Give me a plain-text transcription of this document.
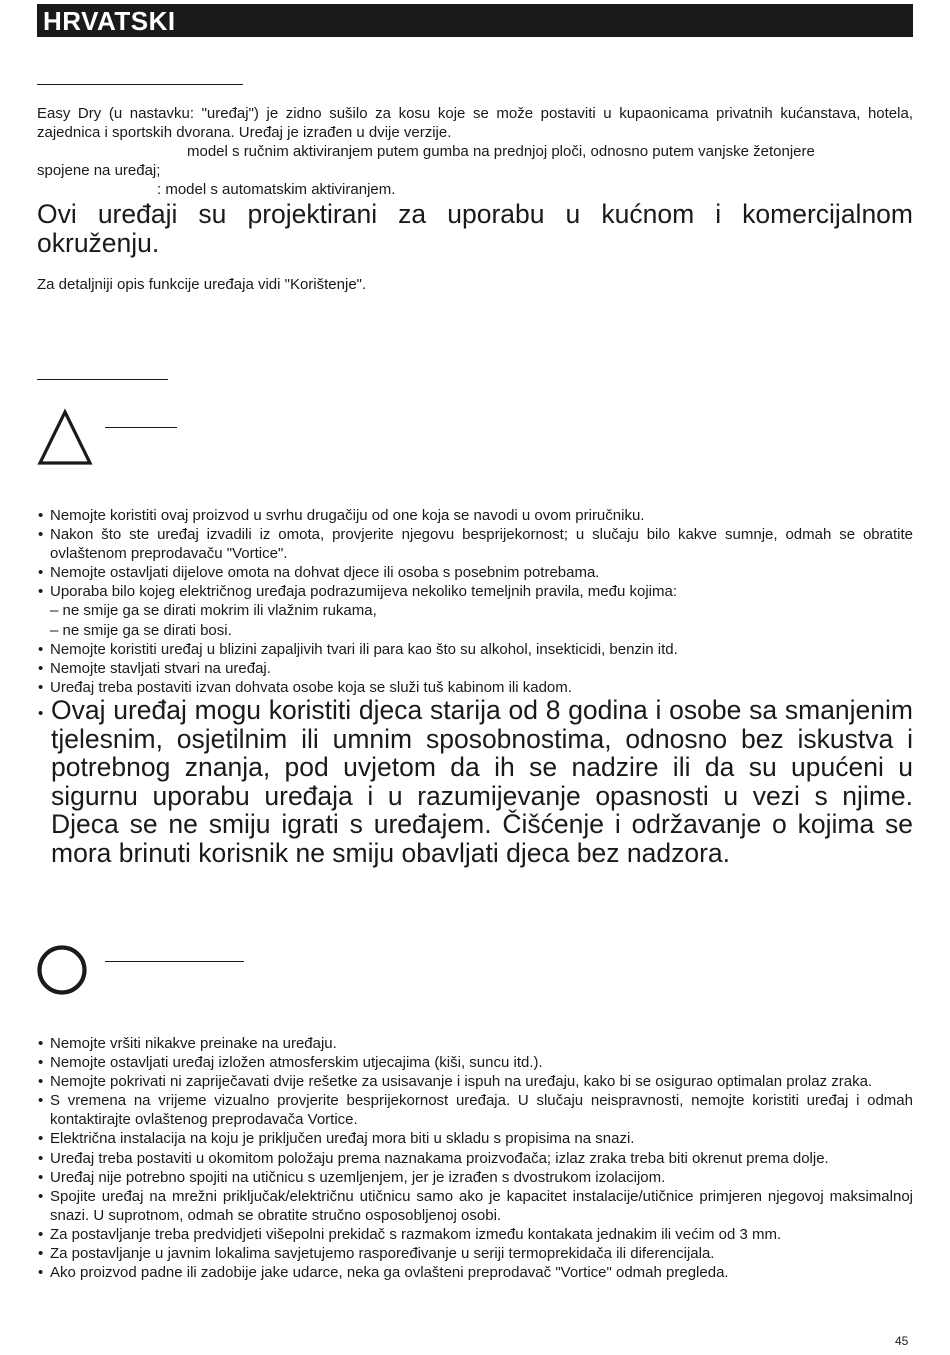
HRVATSKI
Easy Dry (u nastavku: "uređaj") je zidno sušilo za kosu koje se može postaviti u kupaonicama privatnih kućanstava, hotela, zajednica i sportskih dvorana. Uređaj je izrađen u dvije verzije.
model s ručnim aktiviranjem putem gumba na prednjoj ploči, odnosno putem vanjske žetonjere
spojene na uređaj;
: model s automatskim aktiviranjem.
Ovi uređaji su projektirani za uporabu u kućnom i komercijalnom okruženju.
Za detaljniji opis funkcije uređaja vidi "Korištenje".
• Nemojte koristiti ovaj proizvod u svrhu drugačiju od one koja se navodi u ovom priručniku.
• Nakon što ste uređaj izvadili iz omota, provjerite njegovu besprijekornost; u slučaju bilo kakve sumnje, odmah se obratite ovlaštenom preprodavaču "Vortice".
• Nemojte ostavljati dijelove omota na dohvat djece ili osoba s posebnim potrebama.
• Uporaba bilo kojeg električnog uređaja podrazumijeva nekoliko temeljnih pravila, među kojima:
– ne smije ga se dirati mokrim ili vlažnim rukama,
– ne smije ga se dirati bosi.
• Nemojte koristiti uređaj u blizini zapaljivih tvari ili para kao što su alkohol, insekticidi, benzin itd.
• Nemojte stavljati stvari na uređaj.
• Uređaj treba postaviti izvan dohvata osobe koja se služi tuš kabinom ili kadom.
• Ovaj uređaj mogu koristiti djeca starija od 8 godina i osobe sa smanjenim tjelesnim, osjetilnim ili umnim sposobnostima, odnosno bez iskustva i potrebnog znanja, pod uvjetom da ih se nadzire ili da su upućeni u sigurnu uporabu uređaja i u razumijevanje opasnosti u vezi s njime. Djeca se ne smiju igrati s uređajem. Čišćenje i održavanje o kojima se mora brinuti korisnik ne smiju obavljati djeca bez nadzora.
• Nemojte vršiti nikakve preinake na uređaju.
• Nemojte ostavljati uređaj izložen atmosferskim utjecajima (kiši, suncu itd.).
• Nemojte pokrivati ni zapriječavati dvije rešetke za usisavanje i ispuh na uređaju, kako bi se osigurao optimalan prolaz zraka.
• S vremena na vrijeme vizualno provjerite besprijekornost uređaja. U slučaju neispravnosti, nemojte koristiti uređaj i odmah kontaktirajte ovlaštenog preprodavača Vortice.
• Električna instalacija na koju je priključen uređaj mora biti u skladu s propisima na snazi.
• Uređaj treba postaviti u okomitom položaju prema naznakama proizvođača; izlaz zraka treba biti okrenut prema dolje.
• Uređaj nije potrebno spojiti na utičnicu s uzemljenjem, jer je izrađen s dvostrukom izolacijom.
• Spojite uređaj na mrežni priključak/električnu utičnicu samo ako je kapacitet instalacije/utičnice primjeren njegovoj maksimalnoj snazi. U suprotnom, odmah se obratite stručno osposobljenoj osobi.
• Za postavljanje treba predvidjeti višepolni prekidač s razmakom između kontakata jednakim ili većim od 3 mm.
• Za postavljanje u javnim lokalima savjetujemo raspoređivanje u seriji termoprekidača ili diferencijala.
• Ako proizvod padne ili zadobije jake udarce, neka ga ovlašteni preprodavač "Vortice" odmah pregleda.
45
